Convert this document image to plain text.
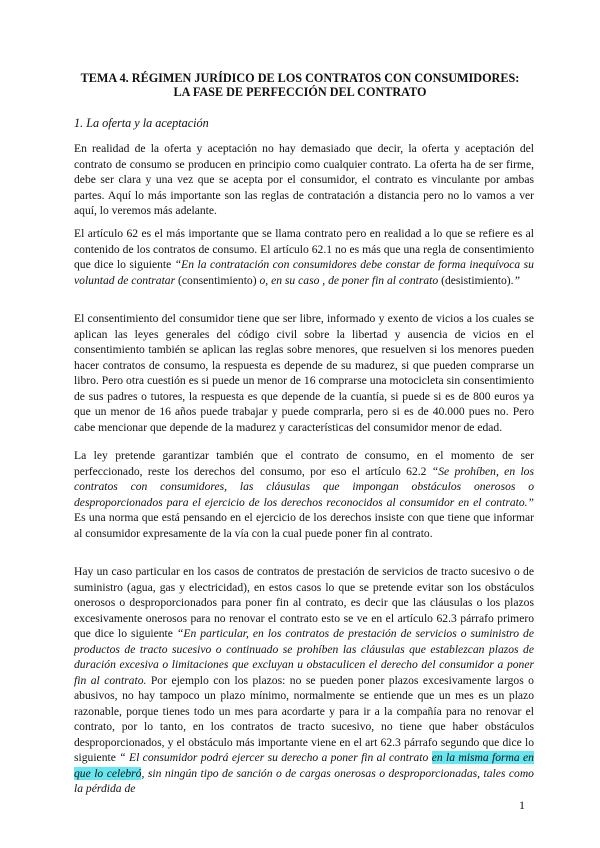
TEMA 4. RÉGIMEN JURÍDICO DE LOS CONTRATOS CON CONSUMIDORES:
LA FASE DE PERFECCIÓN DEL CONTRATO
1. La oferta y la aceptación

En realidad de la oferta y aceptación no hay demasiado que decir, la oferta y aceptación del contrato de consumo se producen en principio como cualquier contrato. La oferta ha de ser firme, debe ser clara y una vez que se acepta por el consumidor, el contrato es vinculante por ambas partes. Aquí lo más importante son las reglas de contratación a distancia pero no lo vamos a ver aquí, lo veremos más adelante.

El artículo 62 es el más importante que se llama contrato pero en realidad a lo que se refiere es al contenido de los contratos de consumo. El artículo 62.1 no es más que una regla de consentimiento que dice lo siguiente “En la contratación con consumidores debe constar de forma inequívoca su voluntad de contratar (consentimiento) o, en su caso , de poner fin al contrato (desistimiento).”

El consentimiento del consumidor tiene que ser libre, informado y exento de vicios a los cuales se aplican las leyes generales del código civil sobre la libertad y ausencia de vicios en el consentimiento también se aplican las reglas sobre menores, que resuelven si los menores pueden hacer contratos de consumo, la respuesta es depende de su madurez, si que pueden comprarse un libro. Pero otra cuestión es si puede un menor de 16 comprarse una motocicleta sin consentimiento de sus padres o tutores, la respuesta es que depende de la cuantía, si puede si es de 800 euros ya que un menor de 16 años puede trabajar y puede comprarla, pero si es de 40.000 pues no. Pero cabe mencionar que depende de la madurez y características del consumidor menor de edad.

La ley pretende garantizar también que el contrato de consumo, en el momento de ser perfeccionado, reste los derechos del consumo, por eso el artículo 62.2 “Se prohíben, en los contratos con consumidores, las cláusulas que impongan obstáculos onerosos o desproporcionados para el ejercicio de los derechos reconocidos al consumidor en el contrato.” Es una norma que está pensando en el ejercicio de los derechos insiste con que tiene que informar al consumidor expresamente de la vía con la cual puede poner fin al contrato.

Hay un caso particular en los casos de contratos de prestación de servicios de tracto sucesivo o de suministro (agua, gas y electricidad), en estos casos lo que se pretende evitar son los obstáculos onerosos o desproporcionados para poner fin al contrato, es decir que las cláusulas o los plazos excesivamente onerosos para no renovar el contrato esto se ve en el artículo 62.3 párrafo primero que dice lo siguiente “En particular, en los contratos de prestación de servicios o suministro de productos de tracto sucesivo o continuado se prohíben las cláusulas que establezcan plazos de duración excesiva o limitaciones que excluyan u obstaculicen el derecho del consumidor a poner fin al contrato. Por ejemplo con los plazos: no se pueden poner plazos excesivamente largos o abusivos, no hay tampoco un plazo mínimo, normalmente se entiende que un mes es un plazo razonable, porque tienes todo un mes para acordarte y para ir a la compañía para no renovar el contrato, por lo tanto, en los contratos de tracto sucesivo, no tiene que haber obstáculos desproporcionados, y el obstáculo más importante viene en el art 62.3 párrafo segundo que dice lo siguiente “ El consumidor podrá ejercer su derecho a poner fin al contrato en la misma forma en que lo celebró, sin ningún tipo de sanción o de cargas onerosas o desproporcionadas, tales como la pérdida de

1
